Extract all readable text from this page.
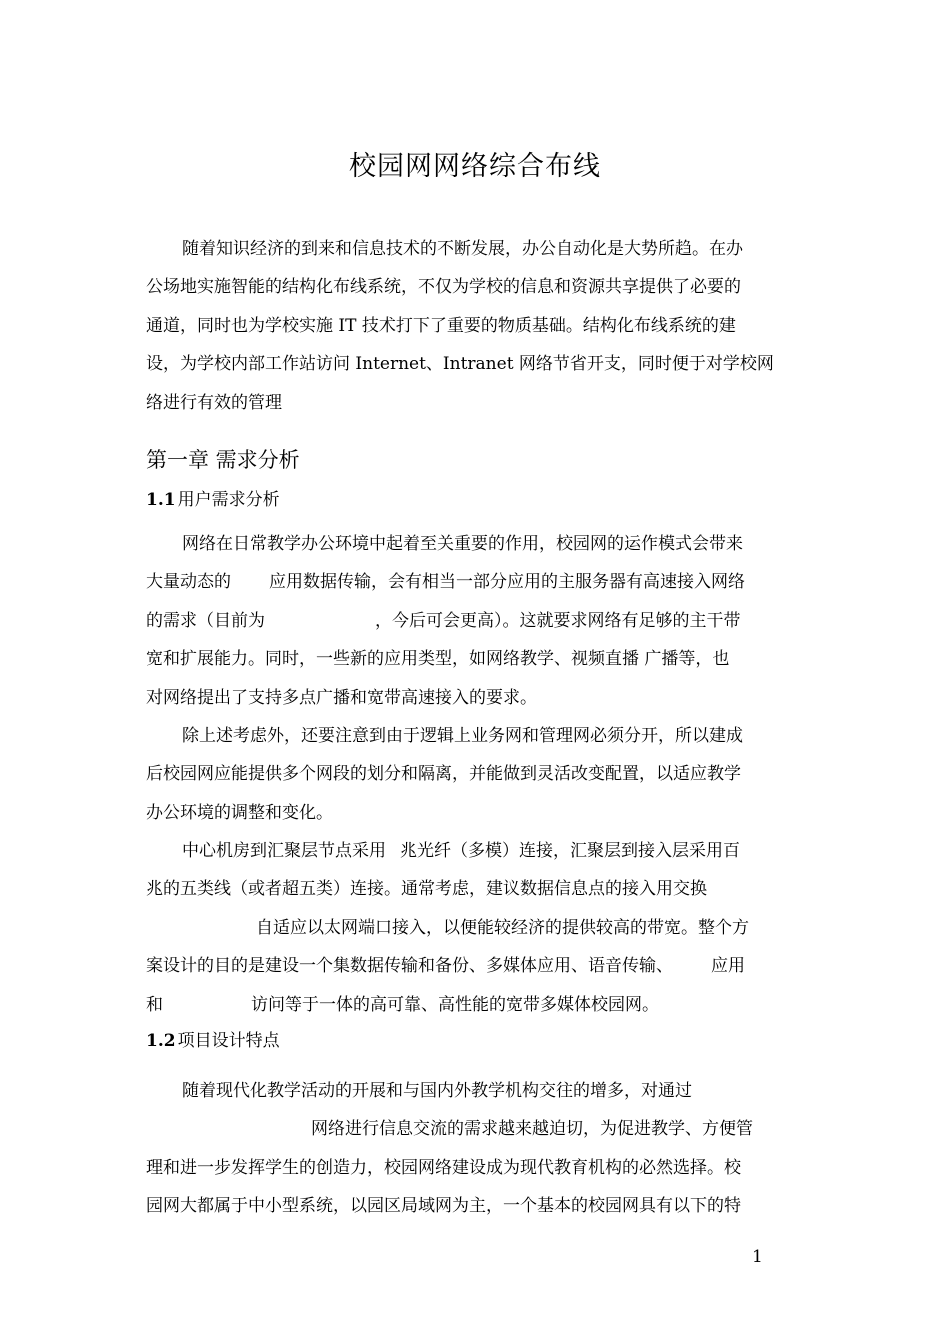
校园网网络综合布线
随着知识经济的到来和信息技术的不断发展，办公自动化是大势所趋。在办
公场地实施智能的结构化布线系统，不仅为学校的信息和资源共享提供了必要的
通道，同时也为学校实施 IT 技术打下了重要的物质基础。结构化布线系统的建
设，为学校内部工作站访问 Internet、Intranet 网络节省开支，同时便于对学校网
络进行有效的管理
第一章 需求分析
1.1 用户需求分析
网络在日常教学办公环境中起着至关重要的作用，校园网的运作模式会带来
大量动态的 应用数据传输，会有相当一部分应用的主服务器有高速接入网络
的需求（目前为	，今后可会更高）。这就要求网络有足够的主干带
宽和扩展能力。同时，一些新的应用类型，如网络教学、视频直播 广播等，也
对网络提出了支持多点广播和宽带高速接入的要求。
除上述考虑外，还要注意到由于逻辑上业务网和管理网必须分开，所以建成
后校园网应能提供多个网段的划分和隔离，并能做到灵活改变配置，以适应教学
办公环境的调整和变化。
中心机房到汇聚层节点采用 兆光纤（多模）连接，汇聚层到接入层采用百
兆的五类线（或者超五类）连接。通常考虑，建议数据信息点的接入用交换
自适应以太网端口接入，以便能较经济的提供较高的带宽。整个方
案设计的目的是建设一个集数据传输和备份、多媒体应用、语音传输、 应用
和	访问等于一体的高可靠、高性能的宽带多媒体校园网。
1.2 项目设计特点
随着现代化教学活动的开展和与国内外教学机构交往的增多，对通过
网络进行信息交流的需求越来越迫切，为促进教学、方便管
理和进一步发挥学生的创造力，校园网络建设成为现代教育机构的必然选择。校
园网大都属于中小型系统，以园区局域网为主，一个基本的校园网具有以下的特
1
